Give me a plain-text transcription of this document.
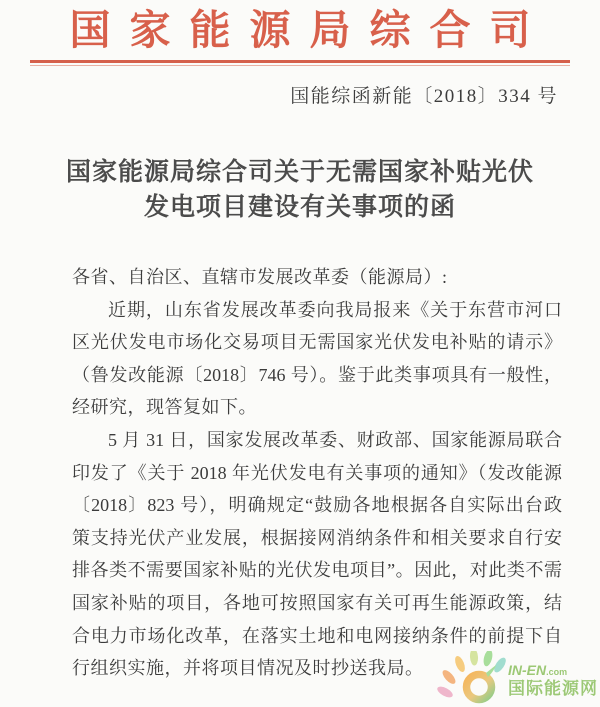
国家能源局综合司
国能综函新能〔2018〕334 号
国家能源局综合司关于无需国家补贴光伏
发电项目建设有关事项的函
各省、自治区、直辖市发展改革委（能源局）:
近期，山东省发展改革委向我局报来《关于东营市河口
区光伏发电市场化交易项目无需国家光伏发电补贴的请示》
（鲁发改能源〔2018〕746 号）。鉴于此类事项具有一般性，
经研究，现答复如下。
5 月 31 日，国家发展改革委、财政部、国家能源局联合
印发了《关于 2018 年光伏发电有关事项的通知》（发改能源
〔2018〕823 号），明确规定“鼓励各地根据各自实际出台政
策支持光伏产业发展，根据接网消纳条件和相关要求自行安
排各类不需要国家补贴的光伏发电项目”。因此，对此类不需
国家补贴的项目，各地可按照国家有关可再生能源政策，结
合电力市场化改革，在落实土地和电网接纳条件的前提下自
行组织实施，并将项目情况及时抄送我局。	IN-EN.com
国际能源网
